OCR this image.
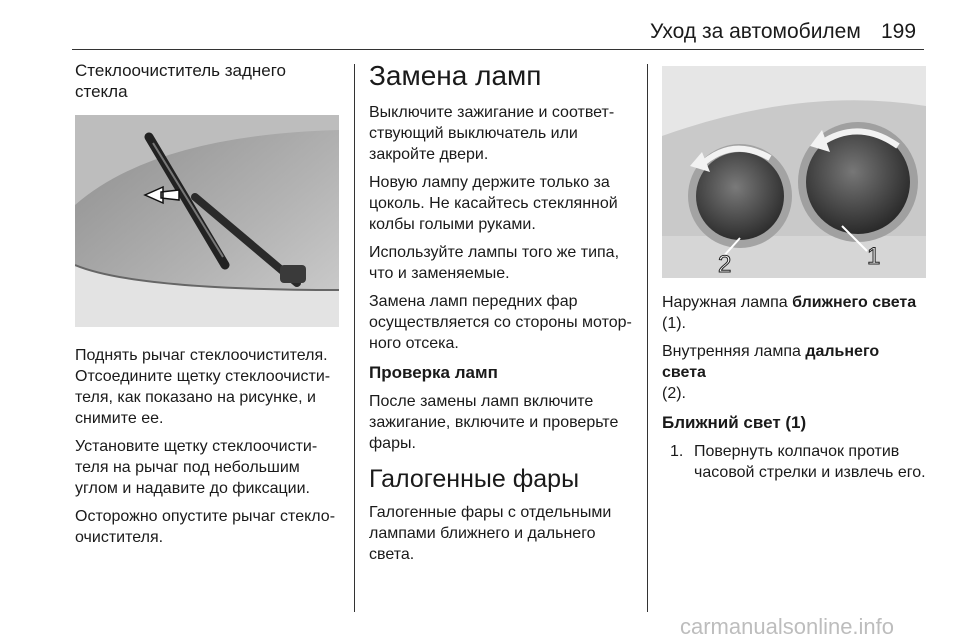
Уход за автомобилем 199
Стеклоочиститель заднего стекла

Поднять рычаг стеклоочистителя. Отсоедините щетку стеклоочистителя, как показано на рисунке, и снимите ее.

Установите щетку стеклоочистителя на рычаг под небольшим углом и надавите до фиксации.

Осторожно опустите рычаг стеклоочистителя.

Замена ламп

Выключите зажигание и соответствующий выключатель или закройте двери.

Новую лампу держите только за цоколь. Не касайтесь стеклянной колбы голыми руками.

Используйте лампы того же типа, что и заменяемые.

Замена ламп передних фар осуществляется со стороны моторного отсека.

Проверка ламп

После замены ламп включите зажигание, включите и проверьте фары.

Галогенные фары

Галогенные фары с отдельными лампами ближнего и дальнего света.

1
2

Наружная лампа ближнего света
(1).

Внутренняя лампа дальнего света
(2).

Ближний свет (1)
1. Повернуть колпачок против часовой стрелки и извлечь его.
carmanualsonline.info
